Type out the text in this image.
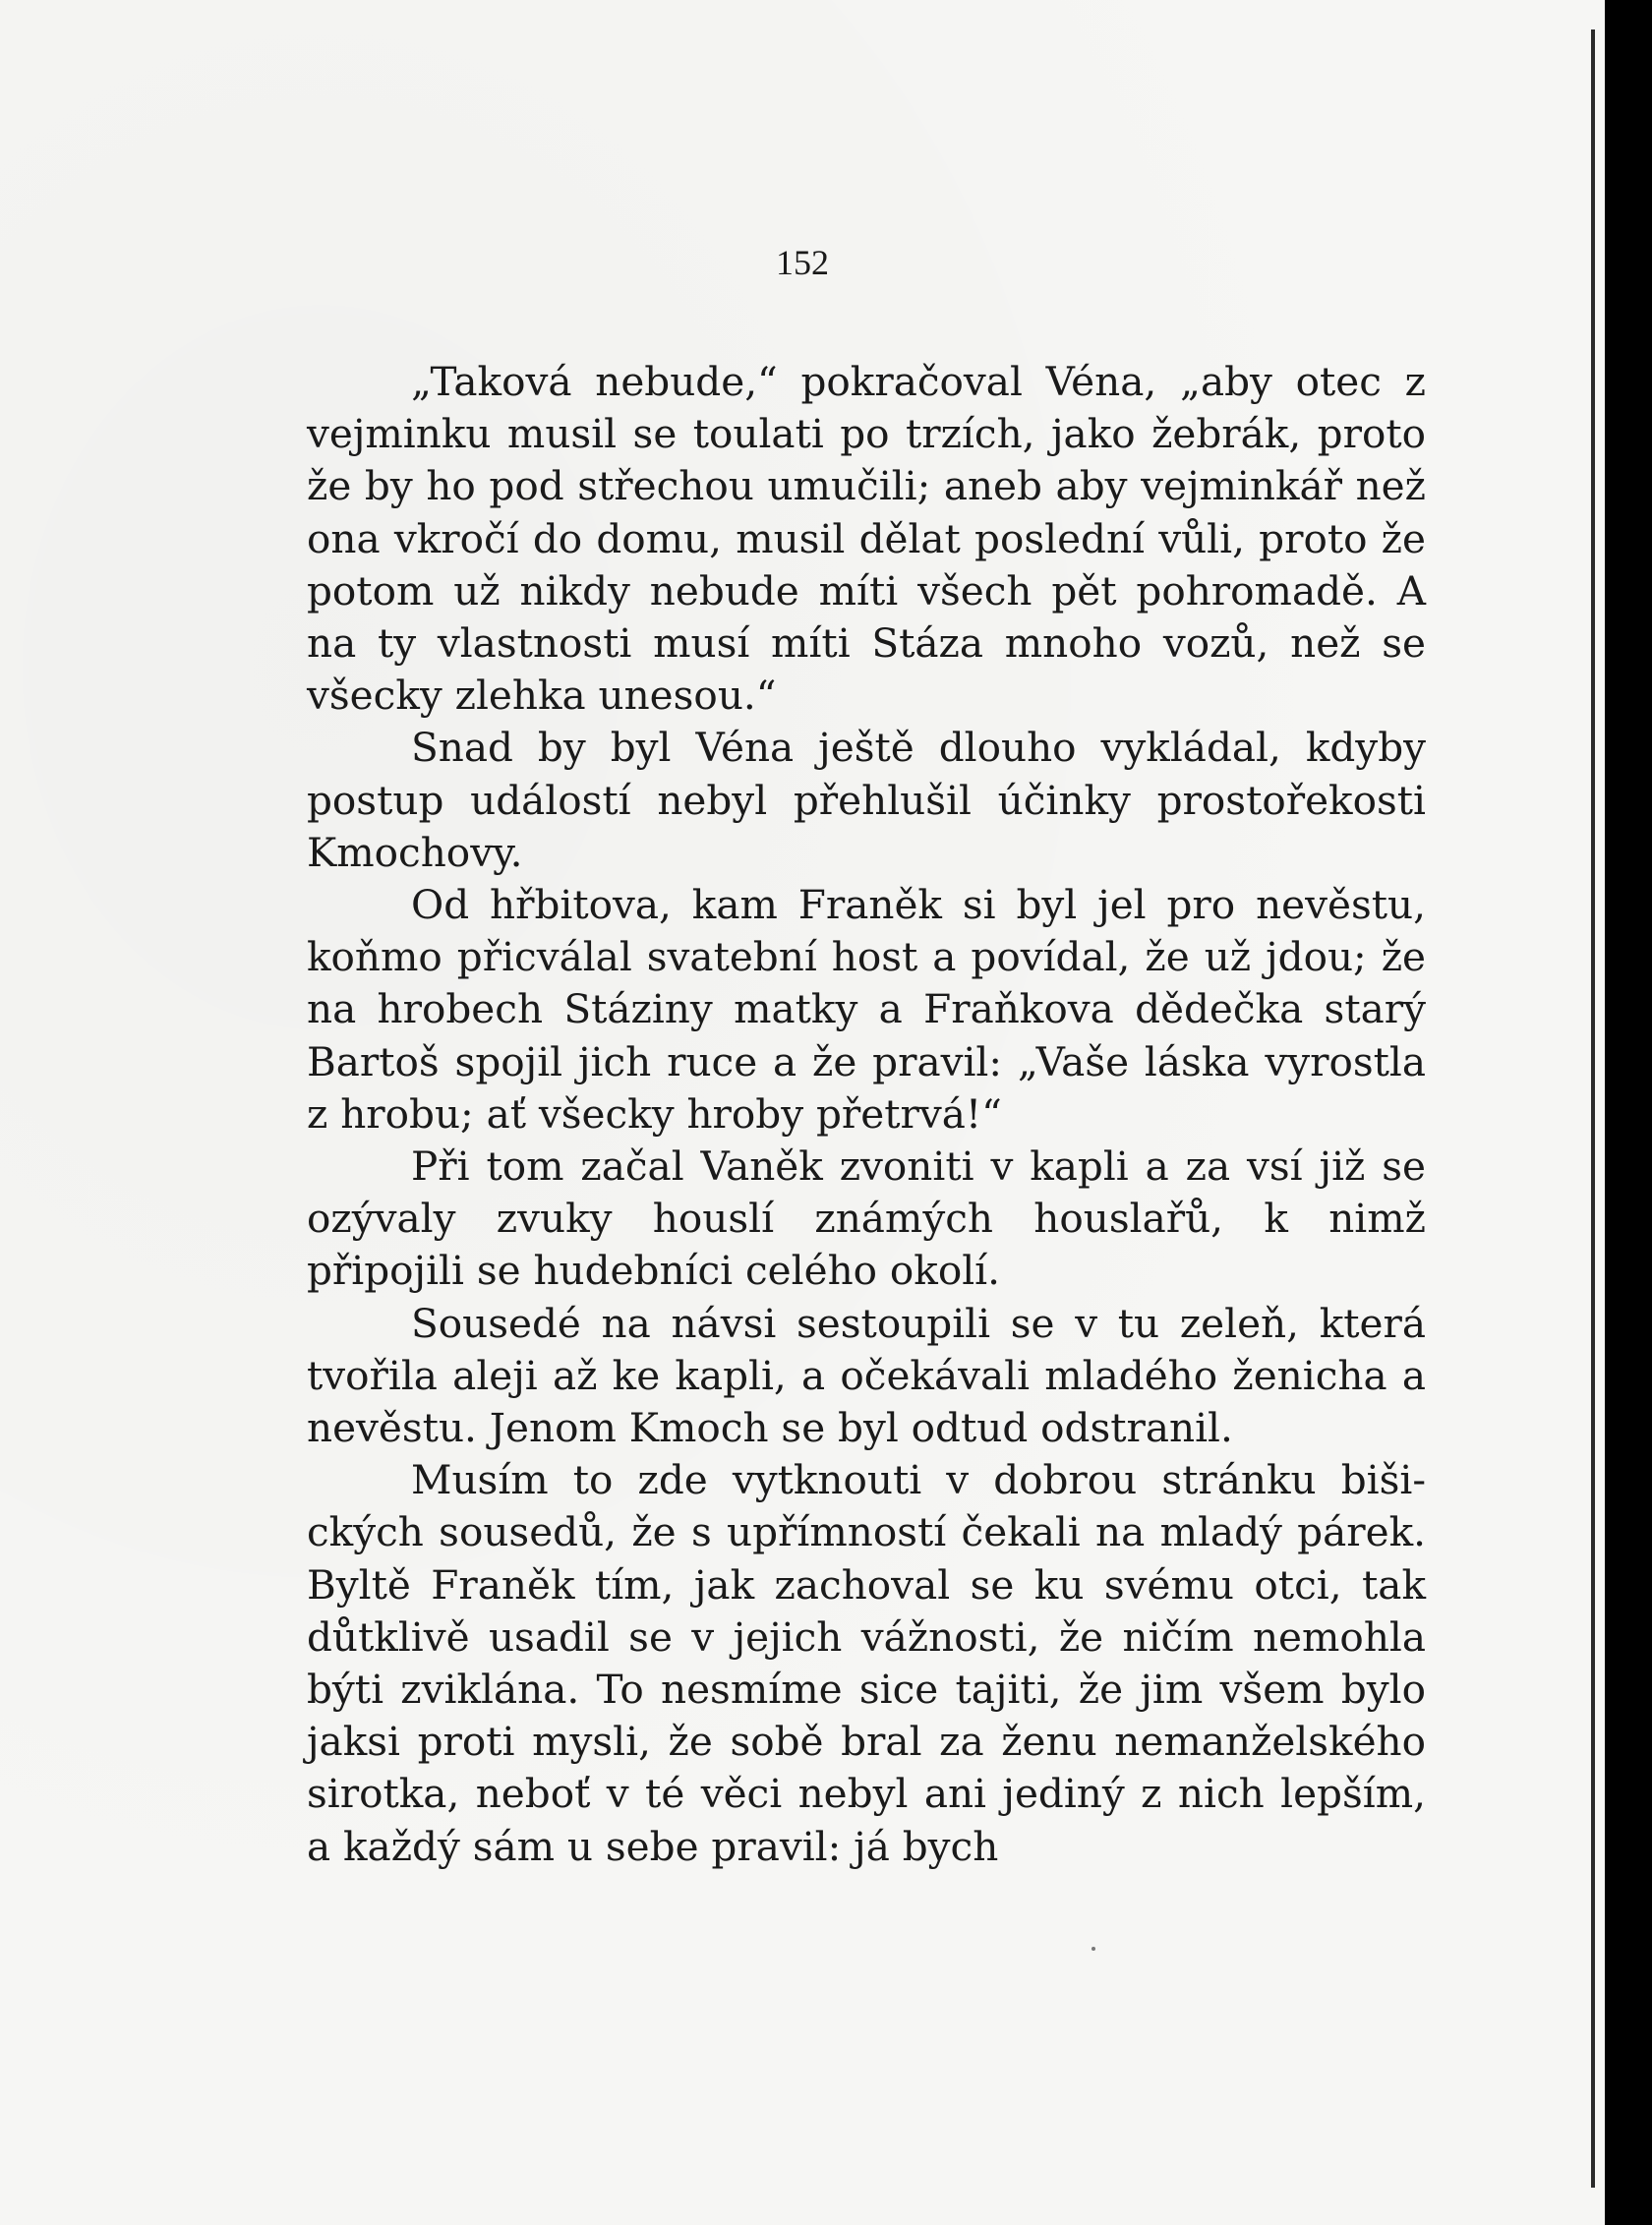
152

„Taková nebude,“ pokračoval Véna, „aby otec z vejminku musil se toulati po trzích, jako žebrák, proto že by ho pod střechou umučili; aneb aby vejminkář než ona vkročí do domu, musil dělat poslední vůli, proto že potom už nikdy nebude míti všech pět pohromadě. A na ty vlastnosti musí míti Stáza mnoho vozů, než se všecky zlehka unesou.“

Snad by byl Véna ještě dlouho vykládal, kdyby postup událostí nebyl přehlušil účinky prostořekosti Kmochovy.

Od hřbitova, kam Franěk si byl jel pro nevěstu, koňmo přicválal svatební host a povídal, že už jdou; že na hrobech Stáziny matky a Fraňkova dědečka starý Bartoš spojil jich ruce a že pravil: „Vaše láska vyrostla z hrobu; ať všecky hroby přetrvá!“

Při tom začal Vaněk zvoniti v kapli a za vsí již se ozývaly zvuky houslí známých houslařů, k nimž připojili se hudebníci celého okolí.

Sousedé na návsi sestoupili se v tu zeleň, která tvořila aleji až ke kapli, a očekávali mladého ženicha a nevěstu. Jenom Kmoch se byl odtud odstranil.

Musím to zde vytknouti v dobrou stránku bišických sousedů, že s upřímností čekali na mladý párek. Byltě Franěk tím, jak zachoval se ku svému otci, tak důtklivě usadil se v jejich vážnosti, že ničím nemohla býti zviklána. To nesmíme sice tajiti, že jim všem bylo jaksi proti mysli, že sobě bral za ženu nemanželského sirotka, neboť v té věci nebyl ani jediný z nich lepším, a každý sám u sebe pravil: já bych
